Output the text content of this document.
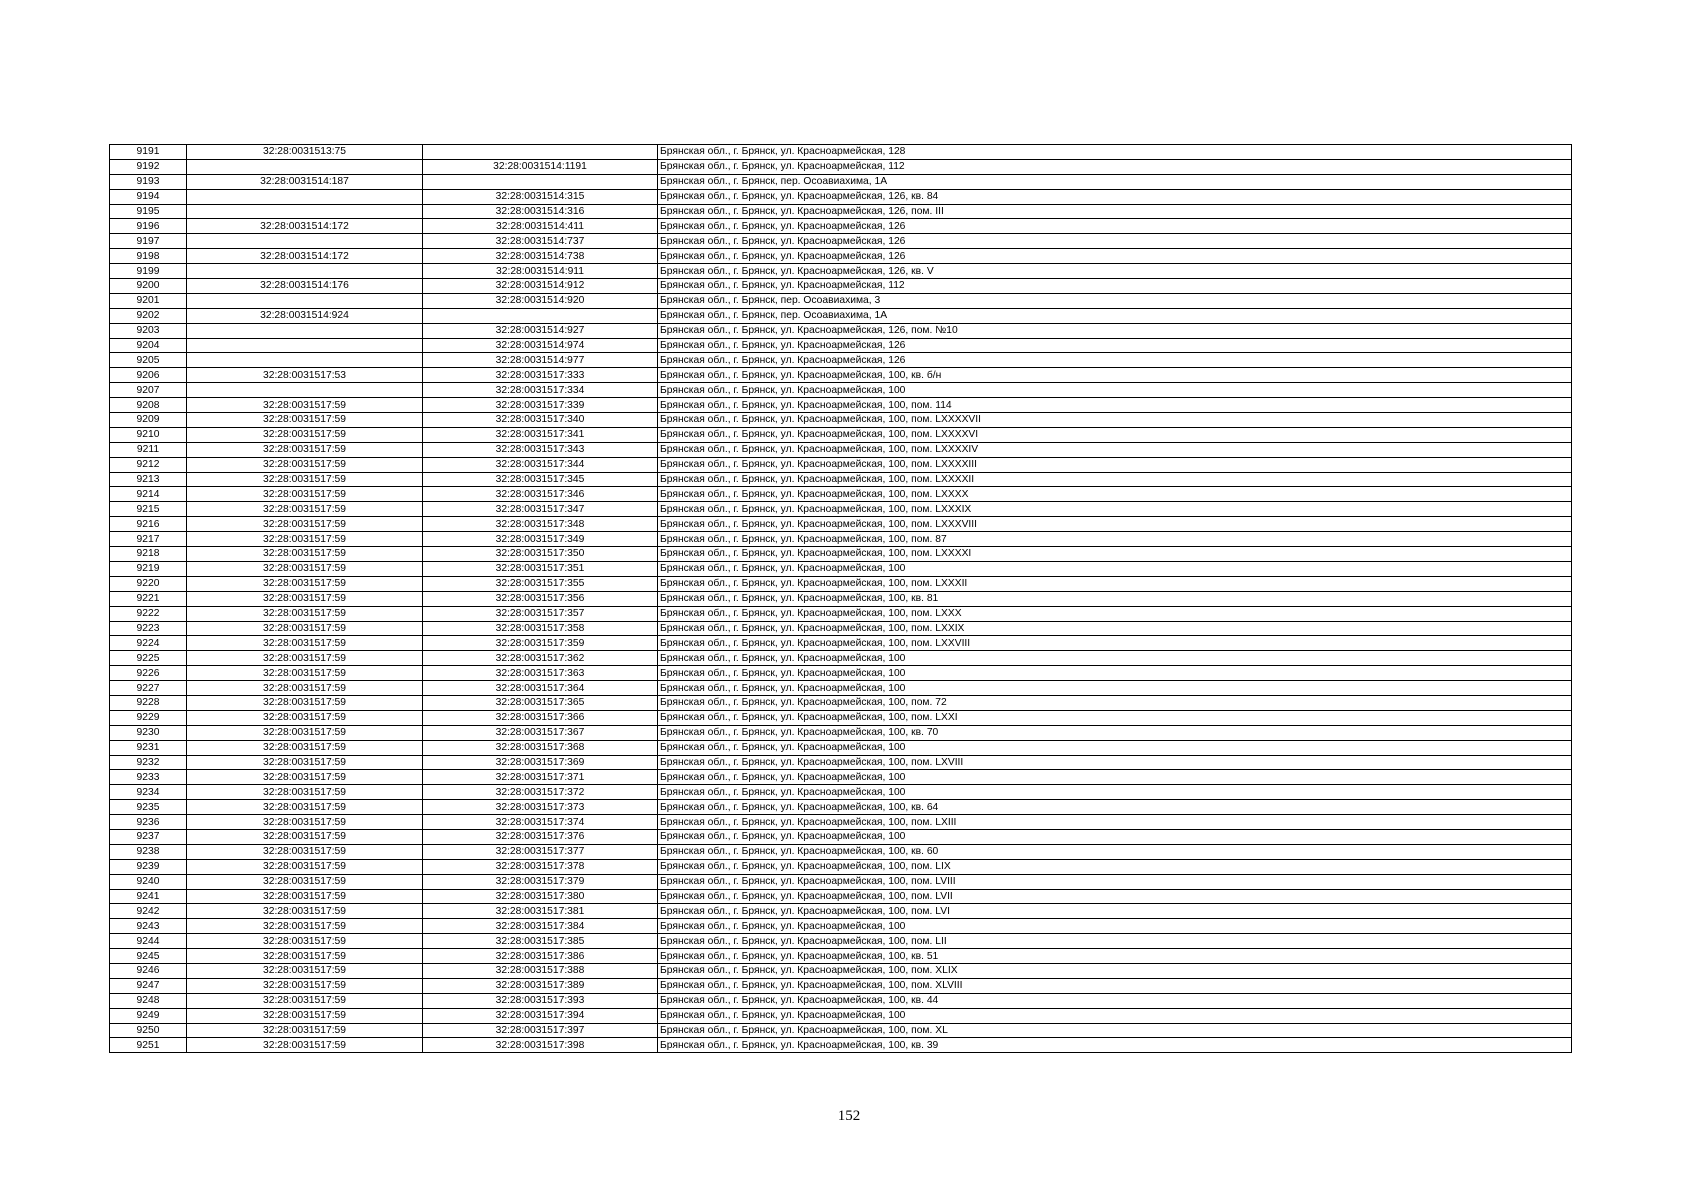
9191	32:28:0031513:75		Брянская обл., г. Брянск, ул. Красноармейская, 128
9192		32:28:0031514:1191	Брянская обл., г. Брянск, ул. Красноармейская, 112
9193	32:28:0031514:187		Брянская обл., г. Брянск, пер. Осоавиахима, 1А
9194		32:28:0031514:315	Брянская обл., г. Брянск, ул. Красноармейская, 126, кв. 84
9195		32:28:0031514:316	Брянская обл., г. Брянск, ул. Красноармейская, 126, пом. III
9196	32:28:0031514:172	32:28:0031514:411	Брянская обл., г. Брянск, ул. Красноармейская, 126
9197		32:28:0031514:737	Брянская обл., г. Брянск, ул. Красноармейская, 126
9198	32:28:0031514:172	32:28:0031514:738	Брянская обл., г. Брянск, ул. Красноармейская, 126
9199		32:28:0031514:911	Брянская обл., г. Брянск, ул. Красноармейская, 126, кв. V
9200	32:28:0031514:176	32:28:0031514:912	Брянская обл., г. Брянск, ул. Красноармейская, 112
9201		32:28:0031514:920	Брянская обл., г. Брянск, пер. Осоавиахима, 3
9202	32:28:0031514:924		Брянская обл., г. Брянск, пер. Осоавиахима, 1А
9203		32:28:0031514:927	Брянская обл., г. Брянск, ул. Красноармейская, 126, пом. №10
9204		32:28:0031514:974	Брянская обл., г. Брянск, ул. Красноармейская, 126
9205		32:28:0031514:977	Брянская обл., г. Брянск, ул. Красноармейская, 126
9206	32:28:0031517:53	32:28:0031517:333	Брянская обл., г. Брянск, ул. Красноармейская, 100, кв. б/н
9207		32:28:0031517:334	Брянская обл., г. Брянск, ул. Красноармейская, 100
9208	32:28:0031517:59	32:28:0031517:339	Брянская обл., г. Брянск, ул. Красноармейская, 100, пом. 114
9209	32:28:0031517:59	32:28:0031517:340	Брянская обл., г. Брянск, ул. Красноармейская, 100, пом. LXXXXVII
9210	32:28:0031517:59	32:28:0031517:341	Брянская обл., г. Брянск, ул. Красноармейская, 100, пом. LXXXXVI
9211	32:28:0031517:59	32:28:0031517:343	Брянская обл., г. Брянск, ул. Красноармейская, 100, пом. LXXXXIV
9212	32:28:0031517:59	32:28:0031517:344	Брянская обл., г. Брянск, ул. Красноармейская, 100, пом. LXXXXIII
9213	32:28:0031517:59	32:28:0031517:345	Брянская обл., г. Брянск, ул. Красноармейская, 100, пом. LXXXXII
9214	32:28:0031517:59	32:28:0031517:346	Брянская обл., г. Брянск, ул. Красноармейская, 100, пом. LXXXX
9215	32:28:0031517:59	32:28:0031517:347	Брянская обл., г. Брянск, ул. Красноармейская, 100, пом. LXXXIX
9216	32:28:0031517:59	32:28:0031517:348	Брянская обл., г. Брянск, ул. Красноармейская, 100, пом. LXXXVIII
9217	32:28:0031517:59	32:28:0031517:349	Брянская обл., г. Брянск, ул. Красноармейская, 100, пом. 87
9218	32:28:0031517:59	32:28:0031517:350	Брянская обл., г. Брянск, ул. Красноармейская, 100, пом. LXXXXI
9219	32:28:0031517:59	32:28:0031517:351	Брянская обл., г. Брянск, ул. Красноармейская, 100
9220	32:28:0031517:59	32:28:0031517:355	Брянская обл., г. Брянск, ул. Красноармейская, 100, пом. LXXXII
9221	32:28:0031517:59	32:28:0031517:356	Брянская обл., г. Брянск, ул. Красноармейская, 100, кв. 81
9222	32:28:0031517:59	32:28:0031517:357	Брянская обл., г. Брянск, ул. Красноармейская, 100, пом. LXXX
9223	32:28:0031517:59	32:28:0031517:358	Брянская обл., г. Брянск, ул. Красноармейская, 100, пом. LXXIX
9224	32:28:0031517:59	32:28:0031517:359	Брянская обл., г. Брянск, ул. Красноармейская, 100, пом. LXXVIII
9225	32:28:0031517:59	32:28:0031517:362	Брянская обл., г. Брянск, ул. Красноармейская, 100
9226	32:28:0031517:59	32:28:0031517:363	Брянская обл., г. Брянск, ул. Красноармейская, 100
9227	32:28:0031517:59	32:28:0031517:364	Брянская обл., г. Брянск, ул. Красноармейская, 100
9228	32:28:0031517:59	32:28:0031517:365	Брянская обл., г. Брянск, ул. Красноармейская, 100, пом. 72
9229	32:28:0031517:59	32:28:0031517:366	Брянская обл., г. Брянск, ул. Красноармейская, 100, пом. LXXI
9230	32:28:0031517:59	32:28:0031517:367	Брянская обл., г. Брянск, ул. Красноармейская, 100, кв. 70
9231	32:28:0031517:59	32:28:0031517:368	Брянская обл., г. Брянск, ул. Красноармейская, 100
9232	32:28:0031517:59	32:28:0031517:369	Брянская обл., г. Брянск, ул. Красноармейская, 100, пом. LXVIII
9233	32:28:0031517:59	32:28:0031517:371	Брянская обл., г. Брянск, ул. Красноармейская, 100
9234	32:28:0031517:59	32:28:0031517:372	Брянская обл., г. Брянск, ул. Красноармейская, 100
9235	32:28:0031517:59	32:28:0031517:373	Брянская обл., г. Брянск, ул. Красноармейская, 100, кв. 64
9236	32:28:0031517:59	32:28:0031517:374	Брянская обл., г. Брянск, ул. Красноармейская, 100, пом. LXIII
9237	32:28:0031517:59	32:28:0031517:376	Брянская обл., г. Брянск, ул. Красноармейская, 100
9238	32:28:0031517:59	32:28:0031517:377	Брянская обл., г. Брянск, ул. Красноармейская, 100, кв. 60
9239	32:28:0031517:59	32:28:0031517:378	Брянская обл., г. Брянск, ул. Красноармейская, 100, пом. LIX
9240	32:28:0031517:59	32:28:0031517:379	Брянская обл., г. Брянск, ул. Красноармейская, 100, пом. LVIII
9241	32:28:0031517:59	32:28:0031517:380	Брянская обл., г. Брянск, ул. Красноармейская, 100, пом. LVII
9242	32:28:0031517:59	32:28:0031517:381	Брянская обл., г. Брянск, ул. Красноармейская, 100, пом. LVI
9243	32:28:0031517:59	32:28:0031517:384	Брянская обл., г. Брянск, ул. Красноармейская, 100
9244	32:28:0031517:59	32:28:0031517:385	Брянская обл., г. Брянск, ул. Красноармейская, 100, пом. LII
9245	32:28:0031517:59	32:28:0031517:386	Брянская обл., г. Брянск, ул. Красноармейская, 100, кв. 51
9246	32:28:0031517:59	32:28:0031517:388	Брянская обл., г. Брянск, ул. Красноармейская, 100, пом. XLIX
9247	32:28:0031517:59	32:28:0031517:389	Брянская обл., г. Брянск, ул. Красноармейская, 100, пом. XLVIII
9248	32:28:0031517:59	32:28:0031517:393	Брянская обл., г. Брянск, ул. Красноармейская, 100, кв. 44
9249	32:28:0031517:59	32:28:0031517:394	Брянская обл., г. Брянск, ул. Красноармейская, 100
9250	32:28:0031517:59	32:28:0031517:397	Брянская обл., г. Брянск, ул. Красноармейская, 100, пом. XL
9251	32:28:0031517:59	32:28:0031517:398	Брянская обл., г. Брянск, ул. Красноармейская, 100, кв. 39
152
